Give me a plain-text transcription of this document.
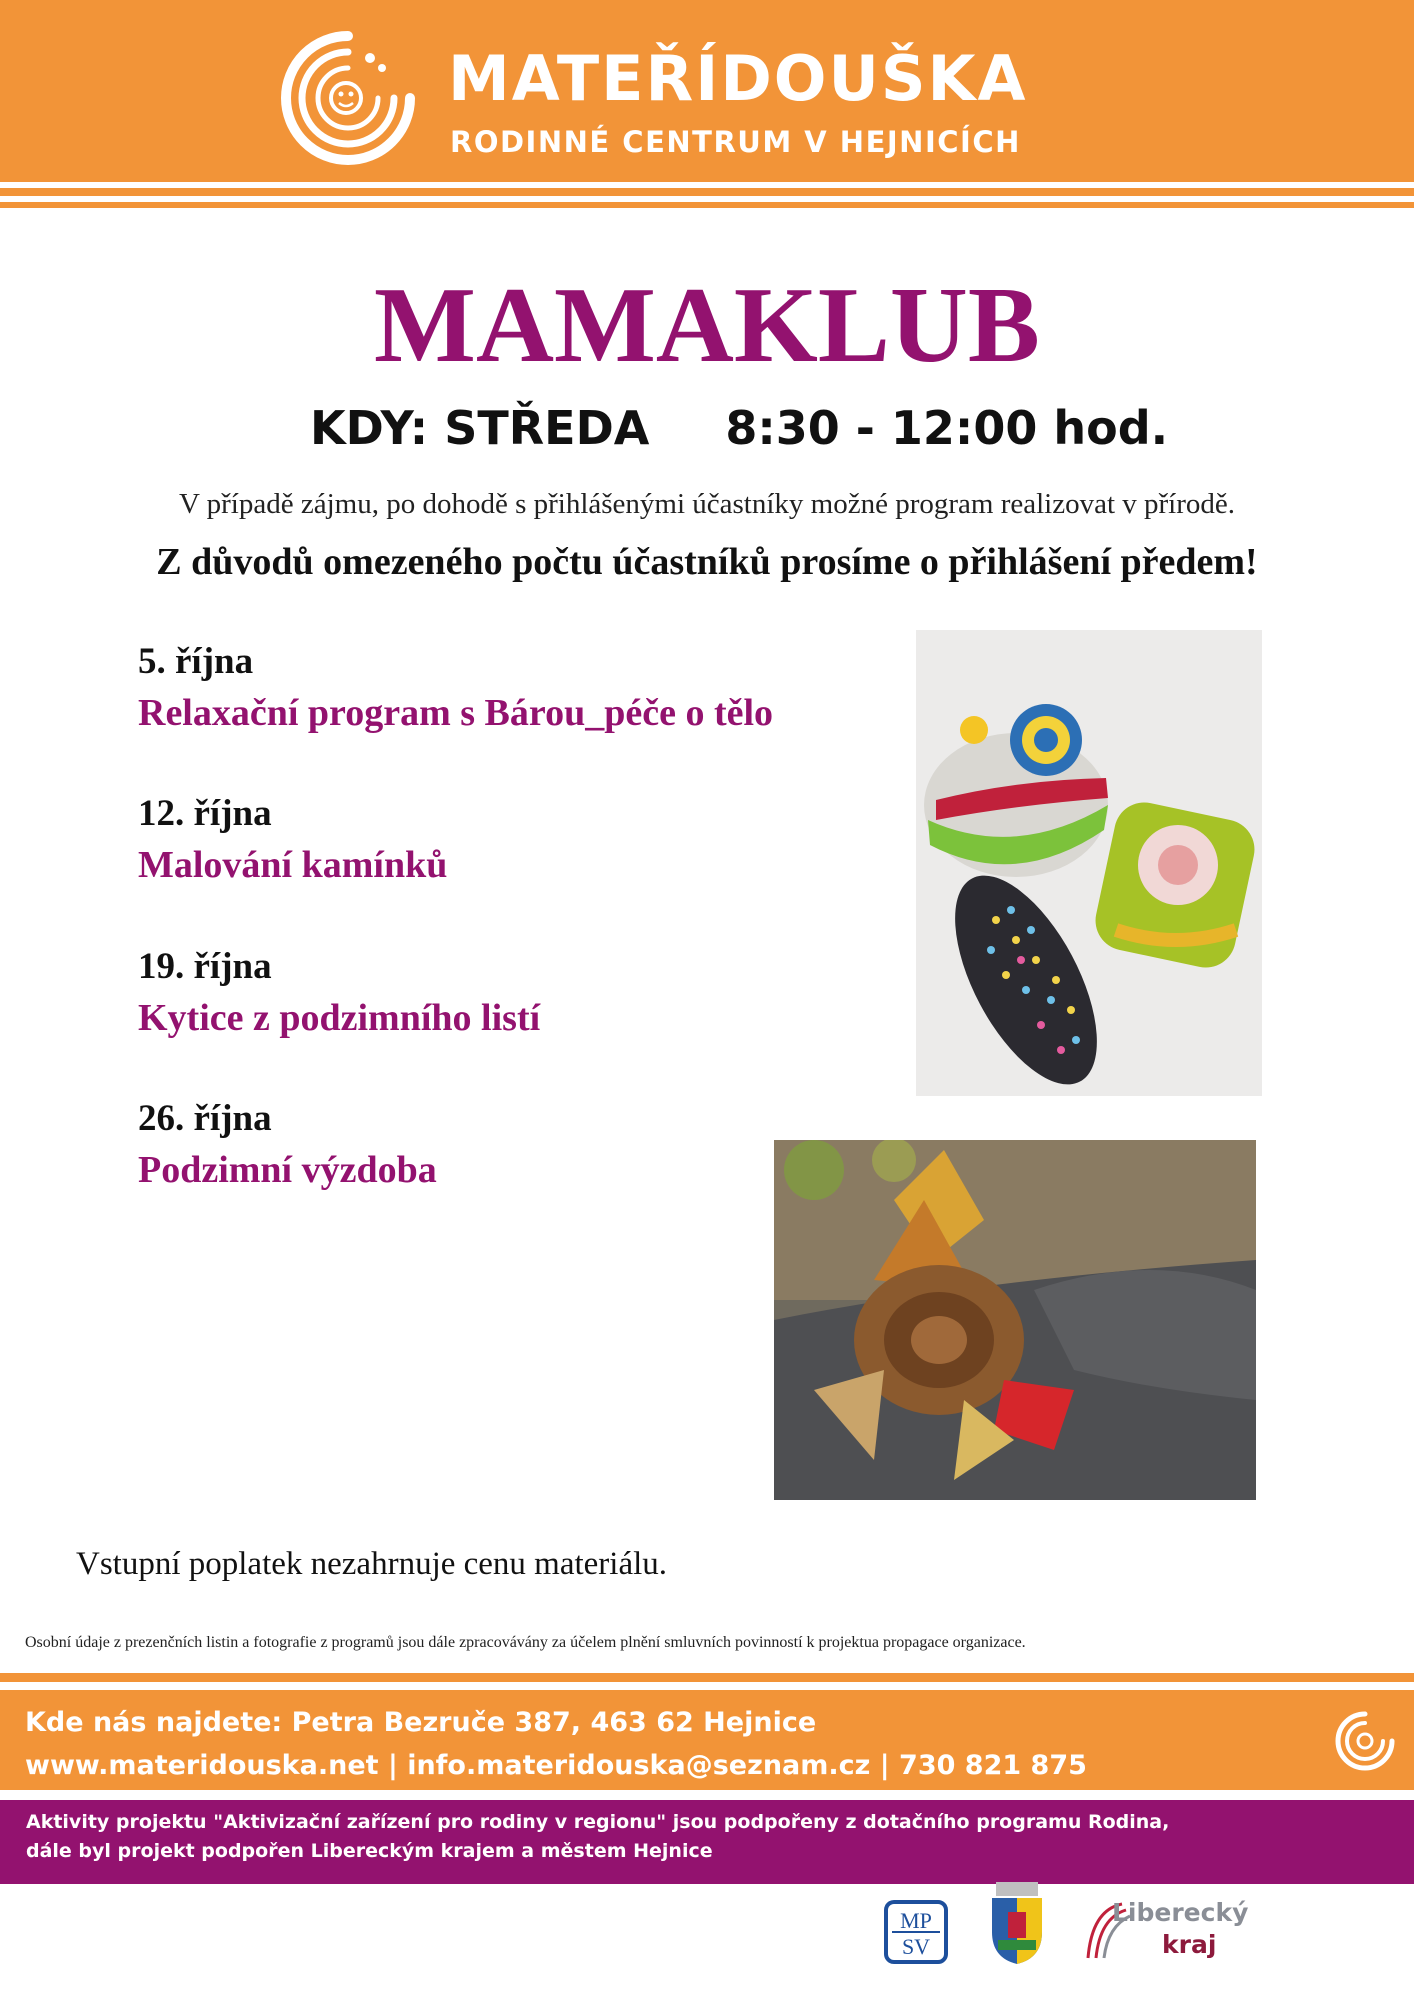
MATEŘÍDOUŠKA
RODINNÉ CENTRUM V HEJNICÍCH
MAMAKLUB
KDY: STŘEDA 8:30 - 12:00 hod.
V případě zájmu, po dohodě s přihlášenými účastníky možné program realizovat v přírodě.
Z důvodů omezeného počtu účastníků prosíme o přihlášení předem!
5. října
Relaxační program s Bárou_péče o tělo
12. října
Malování kamínků
19. října
Kytice z podzimního listí
26. října
Podzimní výzdoba
Vstupní poplatek nezahrnuje cenu materiálu.
Osobní údaje z prezenčních listin a fotografie z programů jsou dále zpracovávány za účelem plnění smluvních povinností k projektua propagace organizace.
Kde nás najdete: Petra Bezruče 387, 463 62 Hejnice
www.materidouska.net | info.materidouska@seznam.cz | 730 821 875
Aktivity projektu "Aktivizační zařízení pro rodiny v regionu" jsou podpořeny z dotačního programu Rodina,
dále byl projekt podpořen Libereckým krajem a městem Hejnice
MP
SV
Liberecký
kraj
